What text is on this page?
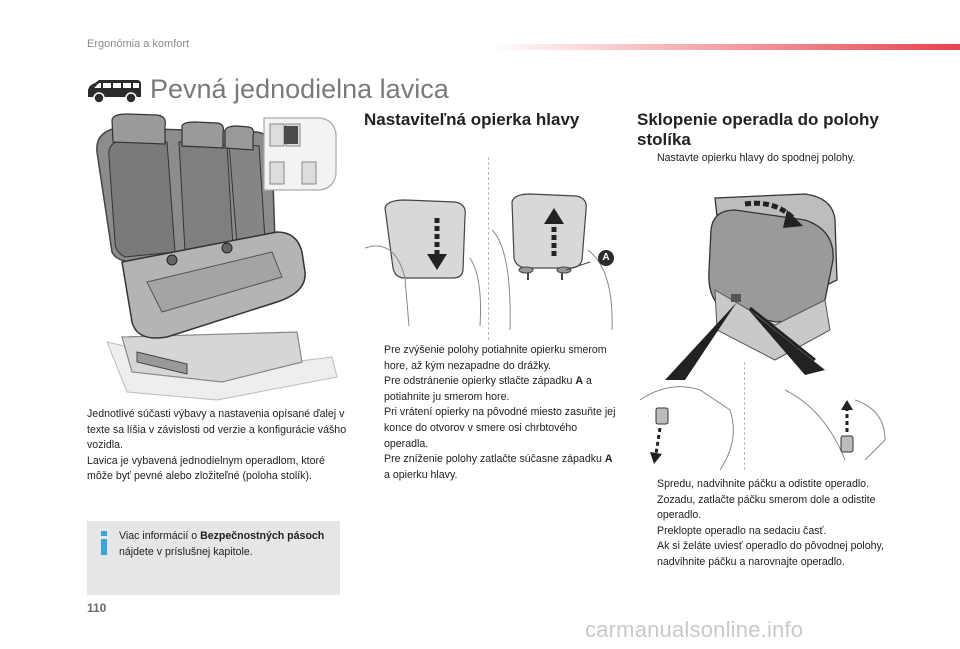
Ergonómia a komfort
Pevná jednodielna lavica
Nastaviteľná opierka hlavy
A
Pre zvýšenie polohy potiahnite opierku smerom hore, až kým nezapadne do drážky.
Pre odstránenie opierky stlačte západku A a potiahnite ju smerom hore.
Pri vrátení opierky na pôvodné miesto zasuňte jej konce do otvorov v smere osi chrbtového operadla.
Pre zníženie polohy zatlačte súčasne západku A a opierku hlavy.
Sklopenie operadla do polohy stolíka
Nastavte opierku hlavy do spodnej polohy.
Spredu, nadvihnite páčku a odistite operadlo.
Zozadu, zatlačte páčku smerom dole a odistite operadlo.
Preklopte operadlo na sedaciu časť.
Ak si želáte uviesť operadlo do pôvodnej polohy, nadvihnite páčku a narovnajte operadlo.

Jednotlivé súčasti výbavy a nastavenia opísané ďalej v texte sa líšia v závislosti od verzie a konfigurácie vášho vozidla.

Lavica je vybavená jednodielnym operadlom, ktoré môže byť pevné alebo zložiteľné (poloha stolík).

Viac informácií o Bezpečnostných pásoch nájdete v príslušnej kapitole.
110
carmanualsonline.info
